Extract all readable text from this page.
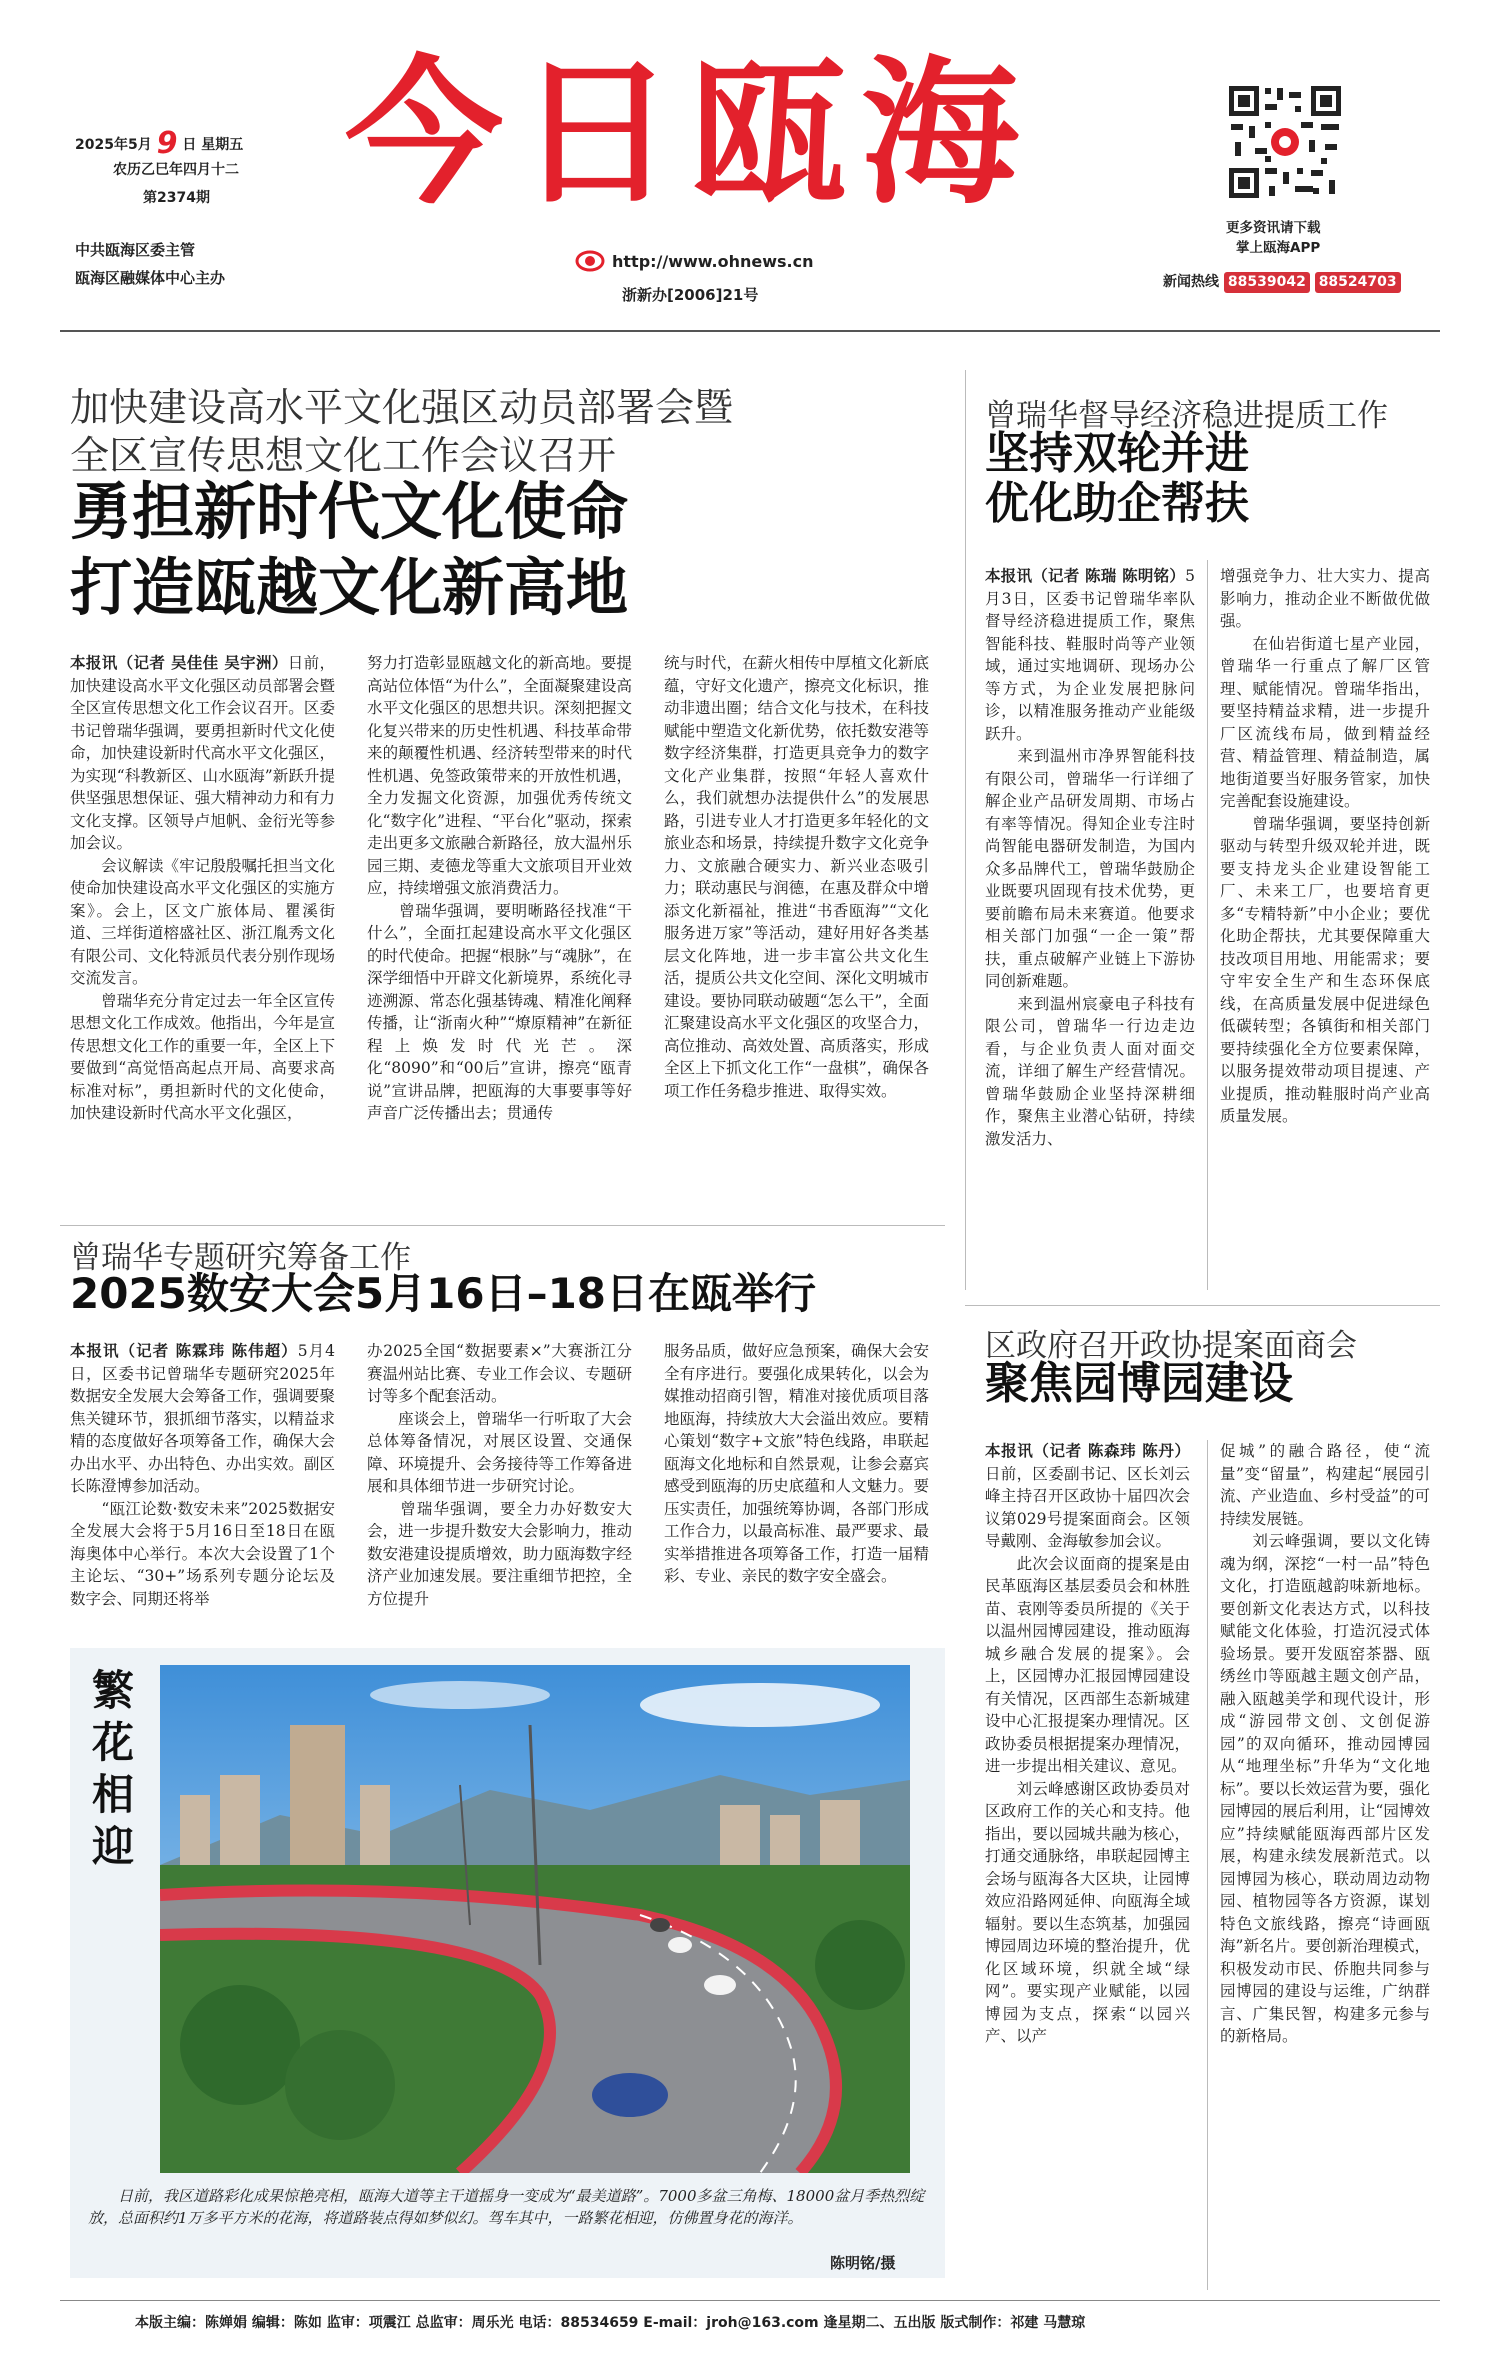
2025年5月 9 日 星期五
农历乙巳年四月十二
第2374期
中共瓯海区委主管
瓯海区融媒体中心主办
今日瓯海
http://www.ohnews.cn
浙新办[2006]21号
更多资讯请下载
掌上瓯海APP
新闻热线 88539042 88524703
加快建设高水平文化强区动员部署会暨
全区宣传思想文化工作会议召开
勇担新时代文化使命
打造瓯越文化新高地
本报讯（记者 吴佳佳 吴宇洲）日前，加快建设高水平文化强区动员部署会暨全区宣传思想文化工作会议召开。区委书记曾瑞华强调，要勇担新时代文化使命，加快建设新时代高水平文化强区，为实现“科教新区、山水瓯海”新跃升提供坚强思想保证、强大精神动力和有力文化支撑。区领导卢旭帆、金衍光等参加会议。
　　会议解读《牢记殷殷嘱托担当文化使命加快建设高水平文化强区的实施方案》。会上，区文广旅体局、瞿溪街道、三垟街道榕盛社区、浙江胤秀文化有限公司、文化特派员代表分别作现场交流发言。
　　曾瑞华充分肯定过去一年全区宣传思想文化工作成效。他指出，今年是宣传思想文化工作的重要一年，全区上下要做到“高觉悟高起点开局、高要求高标准对标”，勇担新时代的文化使命，加快建设新时代高水平文化强区，
努力打造彰显瓯越文化的新高地。要提高站位体悟“为什么”，全面凝聚建设高水平文化强区的思想共识。深刻把握文化复兴带来的历史性机遇、科技革命带来的颠覆性机遇、经济转型带来的时代性机遇、免签政策带来的开放性机遇，全力发掘文化资源，加强优秀传统文化“数字化”进程、“平台化”驱动，探索走出更多文旅融合新路径，放大温州乐园三期、麦德龙等重大文旅项目开业效应，持续增强文旅消费活力。
　　曾瑞华强调，要明晰路径找准“干什么”，全面扛起建设高水平文化强区的时代使命。把握“根脉”与“魂脉”，在深学细悟中开辟文化新境界，系统化寻迹溯源、常态化强基铸魂、精准化阐释传播，让“浙南火种”“燎原精神”在新征程上焕发时代光芒。深化“8090”和“00后”宣讲，擦亮“瓯青说”宣讲品牌，把瓯海的大事要事等好声音广泛传播出去；贯通传
统与时代，在薪火相传中厚植文化新底蕴，守好文化遗产，擦亮文化标识，推动非遗出圈；结合文化与技术，在科技赋能中塑造文化新优势，依托数安港等数字经济集群，打造更具竞争力的数字文化产业集群，按照“年轻人喜欢什么，我们就想办法提供什么”的发展思路，引进专业人才打造更多年轻化的文旅业态和场景，持续提升数字文化竞争力、文旅融合硬实力、新兴业态吸引力；联动惠民与润德，在惠及群众中增添文化新福祉，推进“书香瓯海”“文化服务进万家”等活动，建好用好各类基层文化阵地，进一步丰富公共文化生活，提质公共文化空间、深化文明城市建设。要协同联动破题“怎么干”，全面汇聚建设高水平文化强区的攻坚合力，高位推动、高效处置、高质落实，形成全区上下抓文化工作“一盘棋”，确保各项工作任务稳步推进、取得实效。
曾瑞华督导经济稳进提质工作
坚持双轮并进
优化助企帮扶
本报讯（记者 陈瑞 陈明铭）5月3日，区委书记曾瑞华率队督导经济稳进提质工作，聚焦智能科技、鞋服时尚等产业领域，通过实地调研、现场办公等方式，为企业发展把脉问诊，以精准服务推动产业能级跃升。
　　来到温州市净界智能科技有限公司，曾瑞华一行详细了解企业产品研发周期、市场占有率等情况。得知企业专注时尚智能电器研发制造，为国内众多品牌代工，曾瑞华鼓励企业既要巩固现有技术优势，更要前瞻布局未来赛道。他要求相关部门加强“一企一策”帮扶，重点破解产业链上下游协同创新难题。
　　来到温州宸豪电子科技有限公司，曾瑞华一行边走边看，与企业负责人面对面交流，详细了解生产经营情况。曾瑞华鼓励企业坚持深耕细作，聚焦主业潜心钻研，持续激发活力、
增强竞争力、壮大实力、提高影响力，推动企业不断做优做强。
　　在仙岩街道七星产业园，曾瑞华一行重点了解厂区管理、赋能情况。曾瑞华指出，要坚持精益求精，进一步提升厂区流线布局，做到精益经营、精益管理、精益制造，属地街道要当好服务管家，加快完善配套设施建设。
　　曾瑞华强调，要坚持创新驱动与转型升级双轮并进，既要支持龙头企业建设智能工厂、未来工厂，也要培育更多“专精特新”中小企业；要优化助企帮扶，尤其要保障重大技改项目用地、用能需求；要守牢安全生产和生态环保底线，在高质量发展中促进绿色低碳转型；各镇街和相关部门要持续强化全方位要素保障，以服务提效带动项目提速、产业提质，推动鞋服时尚产业高质量发展。
曾瑞华专题研究筹备工作
2025数安大会5月16日–18日在瓯举行
本报讯（记者 陈霖玮 陈伟超）5月4日，区委书记曾瑞华专题研究2025年数据安全发展大会筹备工作，强调要聚焦关键环节，狠抓细节落实，以精益求精的态度做好各项筹备工作，确保大会办出水平、办出特色、办出实效。副区长陈澄博参加活动。
　　“瓯江论数·数安未来”2025数据安全发展大会将于5月16日至18日在瓯海奥体中心举行。本次大会设置了1个主论坛、“30+”场系列专题分论坛及数字会、同期还将举
办2025全国“数据要素×”大赛浙江分赛温州站比赛、专业工作会议、专题研讨等多个配套活动。
　　座谈会上，曾瑞华一行听取了大会总体筹备情况，对展区设置、交通保障、环境提升、会务接待等工作筹备进展和具体细节进一步研究讨论。
　　曾瑞华强调，要全力办好数安大会，进一步提升数安大会影响力，推动数安港建设提质增效，助力瓯海数字经济产业加速发展。要注重细节把控，全方位提升
服务品质，做好应急预案，确保大会安全有序进行。要强化成果转化，以会为媒推动招商引智，精准对接优质项目落地瓯海，持续放大大会溢出效应。要精心策划“数字+文旅”特色线路，串联起瓯海文化地标和自然景观，让参会嘉宾感受到瓯海的历史底蕴和人文魅力。要压实责任，加强统筹协调，各部门形成工作合力，以最高标准、最严要求、最实举措推进各项筹备工作，打造一届精彩、专业、亲民的数字安全盛会。
区政府召开政协提案面商会
聚焦园博园建设
本报讯（记者 陈森玮 陈丹）日前，区委副书记、区长刘云峰主持召开区政协十届四次会议第029号提案面商会。区领导戴刚、金海敏参加会议。
　　此次会议面商的提案是由民革瓯海区基层委员会和林胜苗、袁刚等委员所提的《关于以温州园博园建设，推动瓯海城乡融合发展的提案》。会上，区园博办汇报园博园建设有关情况，区西部生态新城建设中心汇报提案办理情况。区政协委员根据提案办理情况，进一步提出相关建议、意见。
　　刘云峰感谢区政协委员对区政府工作的关心和支持。他指出，要以园城共融为核心，打通交通脉络，串联起园博主会场与瓯海各大区块，让园博效应沿路网延伸、向瓯海全域辐射。要以生态筑基，加强园博园周边环境的整治提升，优化区域环境，织就全域“绿网”。要实现产业赋能，以园博园为支点，探索“以园兴产、以产
促城”的融合路径，使“流量”变“留量”，构建起“展园引流、产业造血、乡村受益”的可持续发展链。
　　刘云峰强调，要以文化铸魂为纲，深挖“一村一品”特色文化，打造瓯越韵味新地标。要创新文化表达方式，以科技赋能文化体验，打造沉浸式体验场景。要开发瓯窑茶器、瓯绣丝巾等瓯越主题文创产品，融入瓯越美学和现代设计，形成“游园带文创、文创促游园”的双向循环，推动园博园从“地理坐标”升华为“文化地标”。要以长效运营为要，强化园博园的展后利用，让“园博效应”持续赋能瓯海西部片区发展，构建永续发展新范式。以园博园为核心，联动周边动物园、植物园等各方资源，谋划特色文旅线路，擦亮“诗画瓯海”新名片。要创新治理模式，积极发动市民、侨胞共同参与园博园的建设与运维，广纳群言、广集民智，构建多元参与的新格局。
繁花相迎
日前，我区道路彩化成果惊艳亮相，瓯海大道等主干道摇身一变成为“最美道路”。7000多盆三角梅、18000盆月季热烈绽放，总面积约1万多平方米的花海，将道路装点得如梦似幻。驾车其中，一路繁花相迎，仿佛置身花的海洋。
陈明铭/摄
本版主编：陈婵娟 编辑：陈如 监审：项震江 总监审：周乐光 电话：88534659 E-mail：jroh@163.com 逢星期二、五出版 版式制作：祁建 马慧琼
